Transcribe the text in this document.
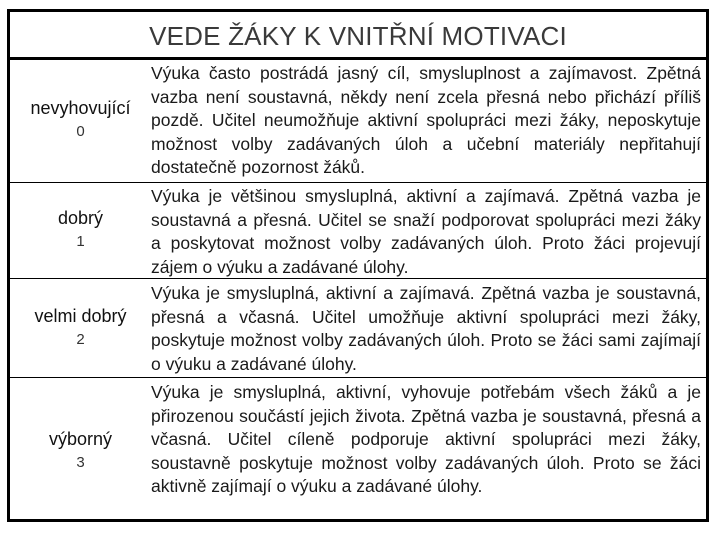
VEDE ŽÁKY K VNITŘNÍ MOTIVACI
nevyhovující
0

Výuka často postrádá jasný cíl, smysluplnost a zajímavost. Zpětná vazba není soustavná, někdy není zcela přesná nebo přichází příliš pozdě. Učitel neumožňuje aktivní spolupráci mezi žáky, neposkytuje možnost volby zadávaných úloh a učební materiály nepřitahují dostatečně pozornost žáků.

dobrý
1

Výuka je většinou smysluplná, aktivní a zajímavá. Zpětná vazba je soustavná a přesná. Učitel se snaží podporovat spolupráci mezi žáky a poskytovat možnost volby zadávaných úloh. Proto žáci projevují zájem o výuku a zadávané úlohy.

velmi dobrý
2

Výuka je smysluplná, aktivní a zajímavá. Zpětná vazba je soustavná, přesná a včasná. Učitel umožňuje aktivní spolupráci mezi žáky, poskytuje možnost volby zadávaných úloh. Proto se žáci sami zajímají o výuku a zadávané úlohy.

výborný
3

Výuka je smysluplná, aktivní, vyhovuje potřebám všech žáků a je přirozenou součástí jejich života. Zpětná vazba je soustavná, přesná a včasná. Učitel cíleně podporuje aktivní spolupráci mezi žáky, soustavně poskytuje možnost volby zadávaných úloh. Proto se žáci aktivně zajímají o výuku a zadávané úlohy.
